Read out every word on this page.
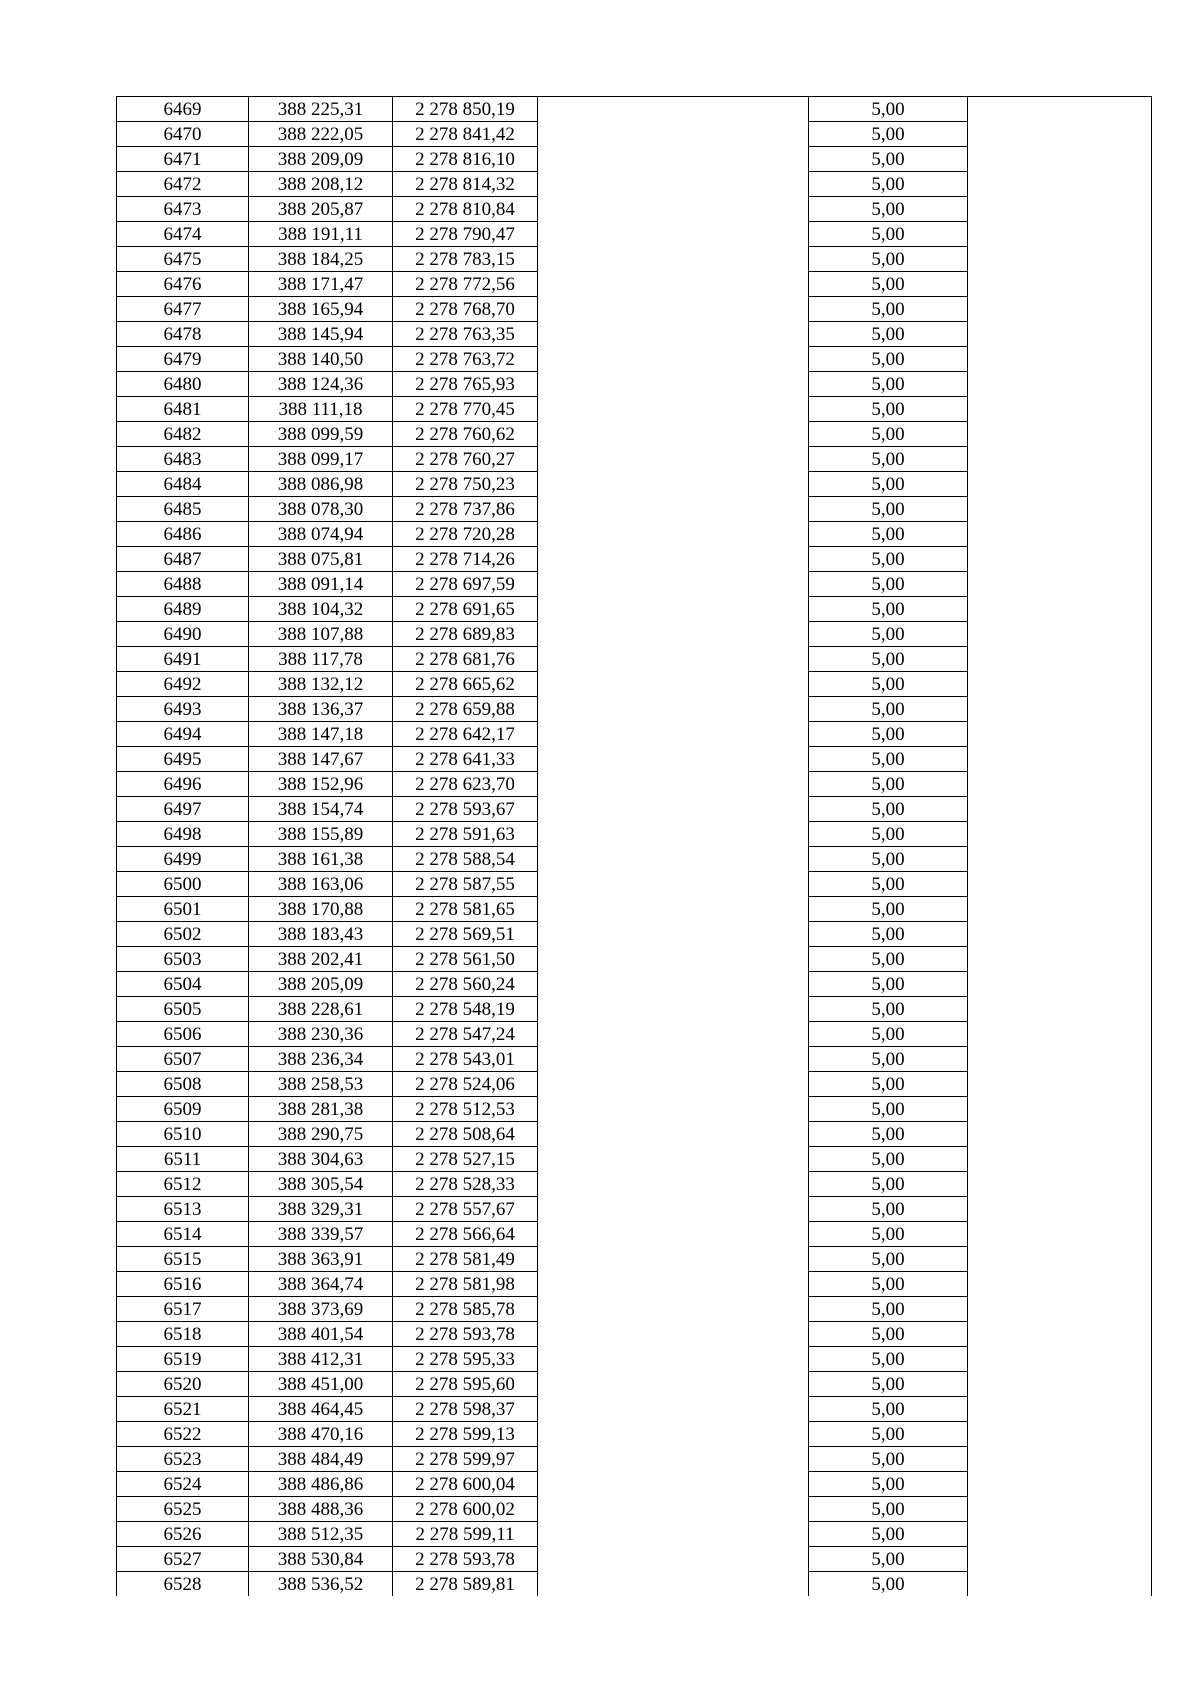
6469	388 225,31	2 278 850,19		5,00	
6470	388 222,05	2 278 841,42		5,00	
6471	388 209,09	2 278 816,10		5,00	
6472	388 208,12	2 278 814,32		5,00	
6473	388 205,87	2 278 810,84		5,00	
6474	388 191,11	2 278 790,47		5,00	
6475	388 184,25	2 278 783,15		5,00	
6476	388 171,47	2 278 772,56		5,00	
6477	388 165,94	2 278 768,70		5,00	
6478	388 145,94	2 278 763,35		5,00	
6479	388 140,50	2 278 763,72		5,00	
6480	388 124,36	2 278 765,93		5,00	
6481	388 111,18	2 278 770,45		5,00	
6482	388 099,59	2 278 760,62		5,00	
6483	388 099,17	2 278 760,27		5,00	
6484	388 086,98	2 278 750,23		5,00	
6485	388 078,30	2 278 737,86		5,00	
6486	388 074,94	2 278 720,28		5,00	
6487	388 075,81	2 278 714,26		5,00	
6488	388 091,14	2 278 697,59		5,00	
6489	388 104,32	2 278 691,65		5,00	
6490	388 107,88	2 278 689,83		5,00	
6491	388 117,78	2 278 681,76		5,00	
6492	388 132,12	2 278 665,62		5,00	
6493	388 136,37	2 278 659,88		5,00	
6494	388 147,18	2 278 642,17		5,00	
6495	388 147,67	2 278 641,33		5,00	
6496	388 152,96	2 278 623,70		5,00	
6497	388 154,74	2 278 593,67		5,00	
6498	388 155,89	2 278 591,63		5,00	
6499	388 161,38	2 278 588,54		5,00	
6500	388 163,06	2 278 587,55		5,00	
6501	388 170,88	2 278 581,65		5,00	
6502	388 183,43	2 278 569,51		5,00	
6503	388 202,41	2 278 561,50		5,00	
6504	388 205,09	2 278 560,24		5,00	
6505	388 228,61	2 278 548,19		5,00	
6506	388 230,36	2 278 547,24		5,00	
6507	388 236,34	2 278 543,01		5,00	
6508	388 258,53	2 278 524,06		5,00	
6509	388 281,38	2 278 512,53		5,00	
6510	388 290,75	2 278 508,64		5,00	
6511	388 304,63	2 278 527,15		5,00	
6512	388 305,54	2 278 528,33		5,00	
6513	388 329,31	2 278 557,67		5,00	
6514	388 339,57	2 278 566,64		5,00	
6515	388 363,91	2 278 581,49		5,00	
6516	388 364,74	2 278 581,98		5,00	
6517	388 373,69	2 278 585,78		5,00	
6518	388 401,54	2 278 593,78		5,00	
6519	388 412,31	2 278 595,33		5,00	
6520	388 451,00	2 278 595,60		5,00	
6521	388 464,45	2 278 598,37		5,00	
6522	388 470,16	2 278 599,13		5,00	
6523	388 484,49	2 278 599,97		5,00	
6524	388 486,86	2 278 600,04		5,00	
6525	388 488,36	2 278 600,02		5,00	
6526	388 512,35	2 278 599,11		5,00	
6527	388 530,84	2 278 593,78		5,00	
6528	388 536,52	2 278 589,81		5,00	
